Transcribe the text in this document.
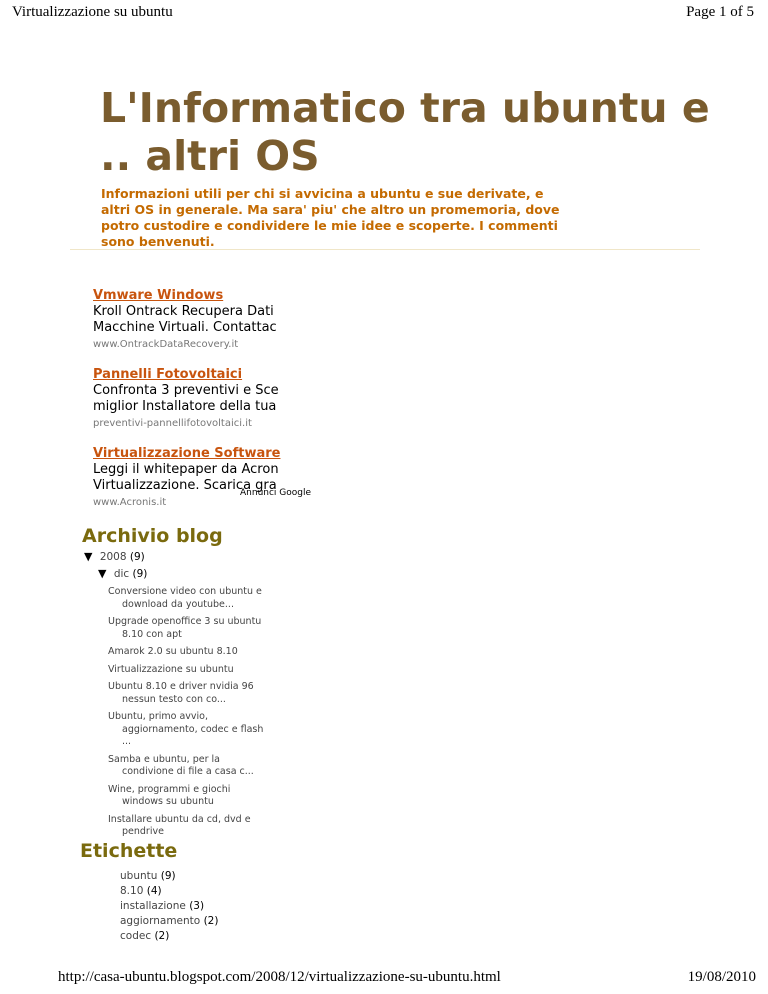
Virtualizzazione su ubuntu	Page 1 of 5
L'Informatico tra ubuntu e .. altri OS
Informazioni utili per chi si avvicina a ubuntu e sue derivate, e altri OS in generale. Ma sara' piu' che altro un promemoria, dove potro custodire e condividere le mie idee e scoperte. I commenti sono benvenuti.
Vmware Windows
Kroll Ontrack Recupera Dati
Macchine Virtuali. Contattac
www.OntrackDataRecovery.it
Pannelli Fotovoltaici
Confronta 3 preventivi e Sce
miglior Installatore della tua
preventivi-pannellifotovoltaici.it
Virtualizzazione Software
Leggi il whitepaper da Acron
Virtualizzazione. Scarica gra
www.Acronis.it
Annunci Google
Archivio blog
▼ 2008 (9)
▼ dic (9)
Conversione video con ubuntu e download da youtube...
Upgrade openoffice 3 su ubuntu 8.10 con apt
Amarok 2.0 su ubuntu 8.10
Virtualizzazione su ubuntu
Ubuntu 8.10 e driver nvidia 96 nessun testo con co...
Ubuntu, primo avvio, aggiornamento, codec e flash ...
Samba e ubuntu, per la condivione di file a casa c...
Wine, programmi e giochi windows su ubuntu
Installare ubuntu da cd, dvd e pendrive
Etichette
ubuntu (9)
8.10 (4)
installazione (3)
aggiornamento (2)
codec (2)
http://casa-ubuntu.blogspot.com/2008/12/virtualizzazione-su-ubuntu.html	19/08/2010
